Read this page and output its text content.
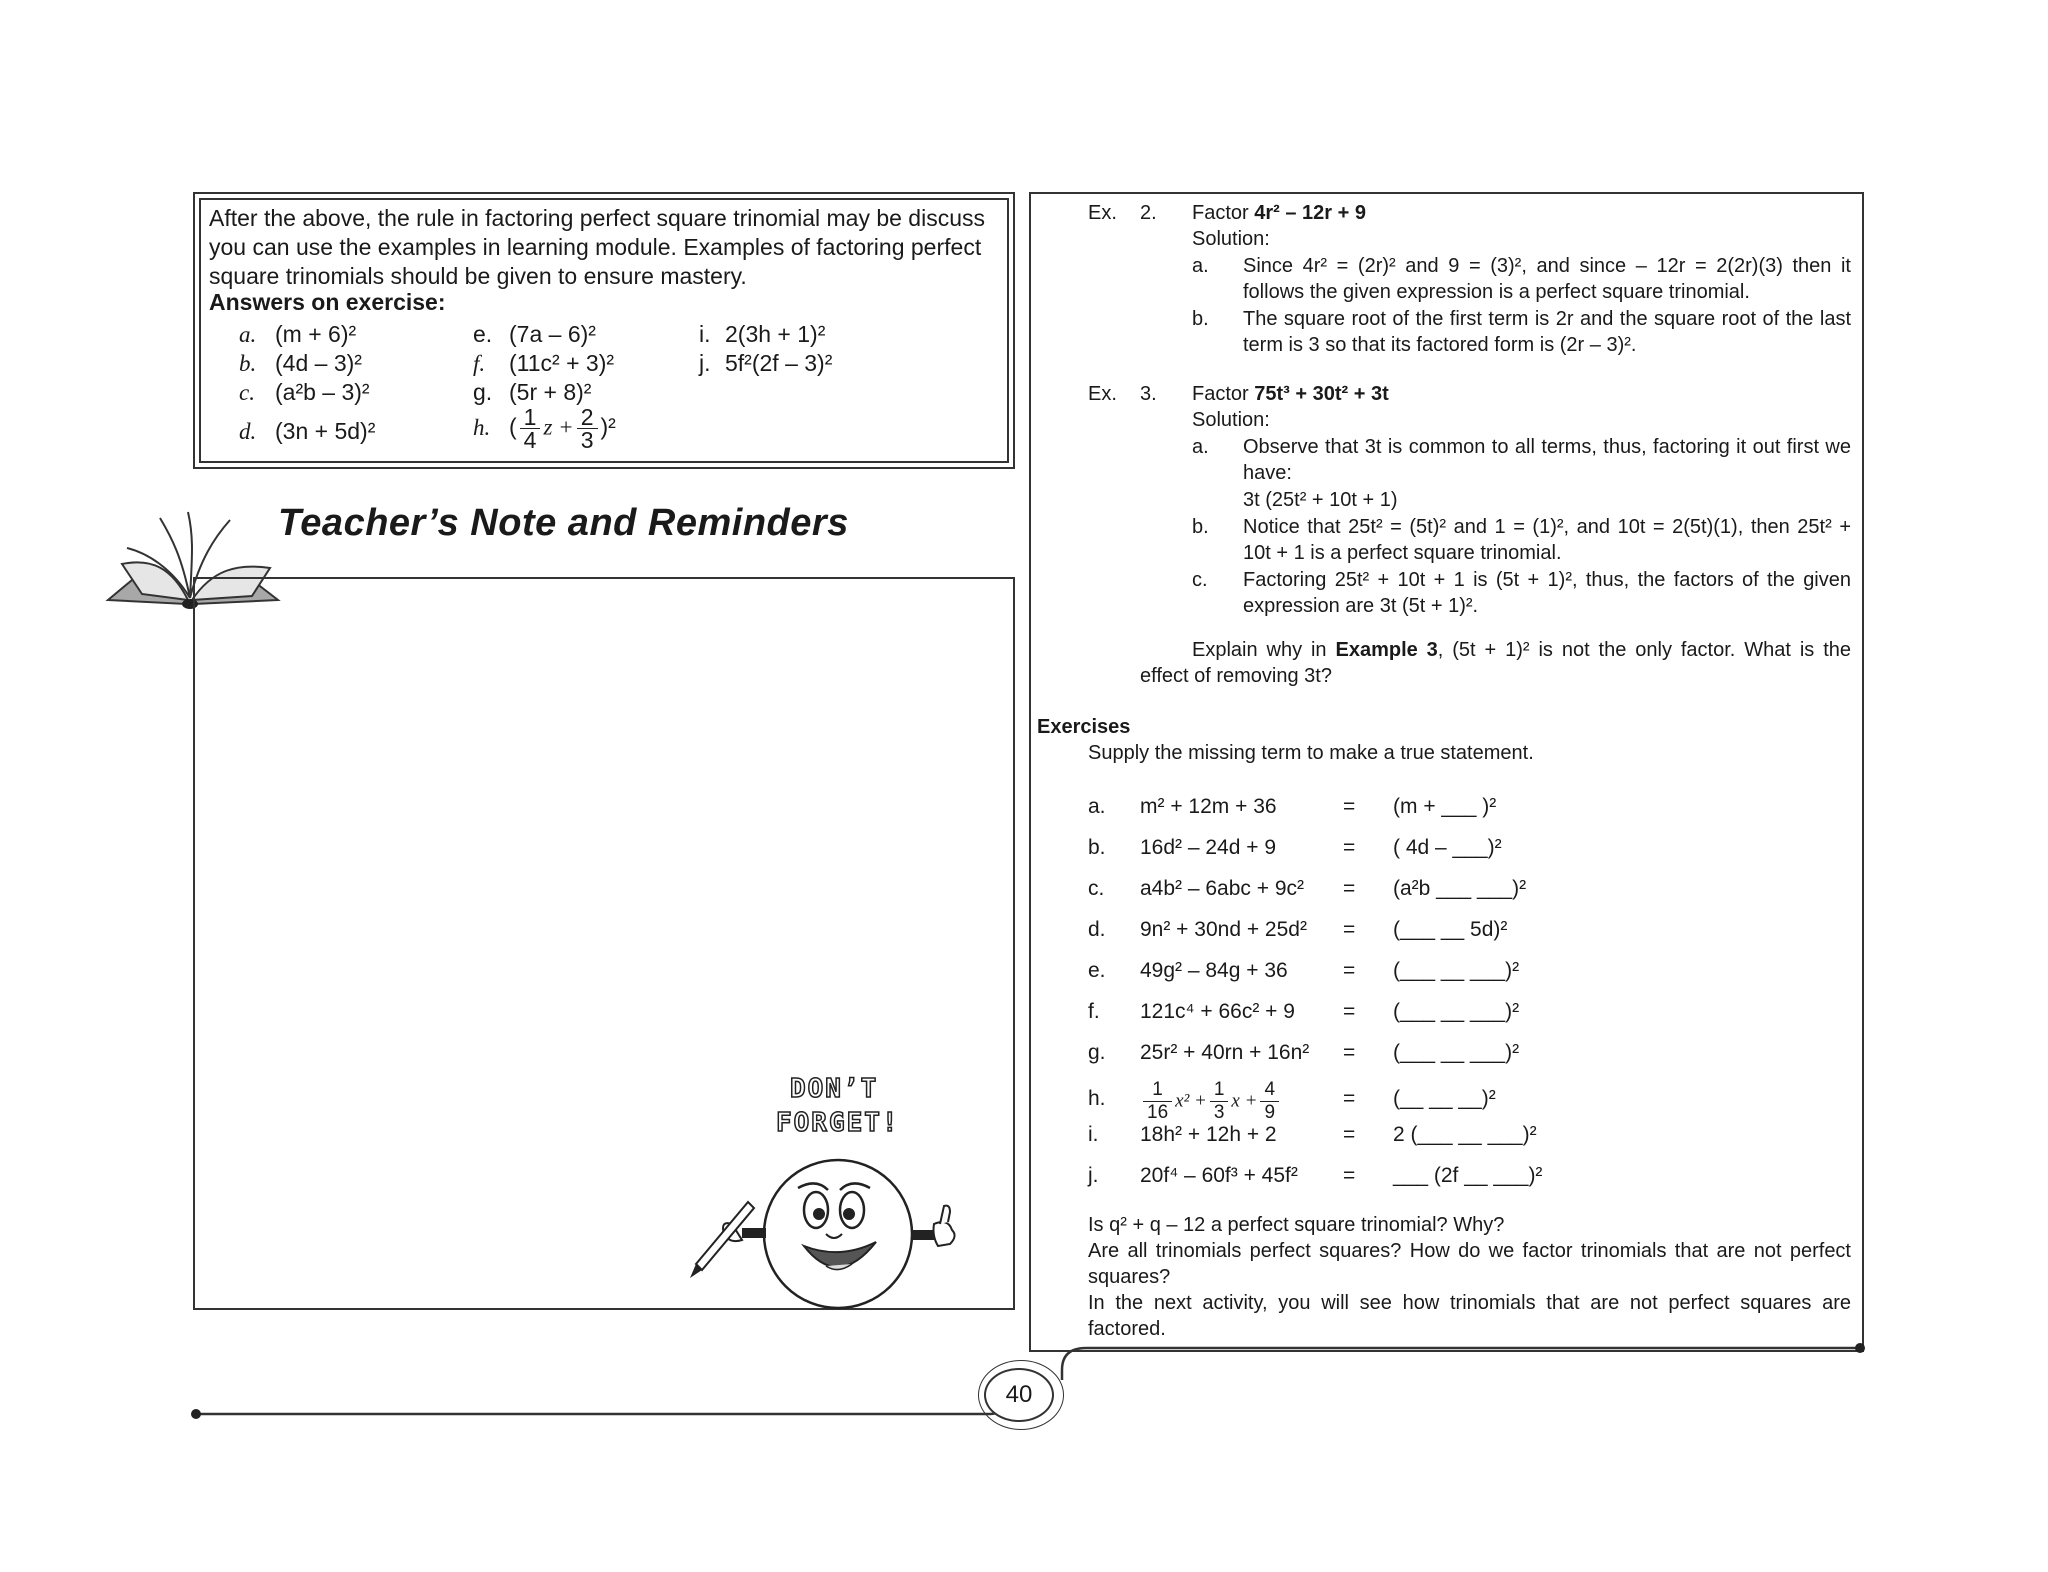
After the above, the rule in factoring perfect square trinomial may be discuss you can use the examples in learning module. Examples of factoring perfect square trinomials should be given to ensure mastery.
Answers on exercise:
a. (m + 6)²
b. (4d – 3)²
c. (a²b – 3)²
d. (3n + 5d)²
e. (7a – 6)²
f. (11c² + 3)²
g. (5r + 8)²
h. ( $\frac{1}{4}$ $z + \frac{2}{3} )^2$
i. 2(3h + 1)²
j. 5f²(2f – 3)²
Teacher’s Note and Reminders
DON’T
FORGET!
Ex. 2. Factor 4r² – 12r + 9
Solution:
a. Since 4r² = (2r)² and 9 = (3)², and since – 12r = 2(2r)(3) then it follows the given expression is a perfect square trinomial.
b. The square root of the first term is 2r and the square root of the last term is 3 so that its factored form is (2r – 3)².
Ex. 3. Factor 75t³ + 30t² + 3t
Solution:
a. Observe that 3t is common to all terms, thus, factoring it out first we have:
3t (25t² + 10t + 1)
b. Notice that 25t² = (5t)² and 1 = (1)², and 10t = 2(5t)(1), then 25t² + 10t + 1 is a perfect square trinomial.
c. Factoring 25t² + 10t + 1 is (5t + 1)², thus, the factors of the given expression are 3t (5t + 1)².
Explain why in Example 3, (5t + 1)² is not the only factor. What is the effect of removing 3t?
Exercises
Supply the missing term to make a true statement.
a. m² + 12m + 36	= (m + ___ )²
b. 16d² – 24d + 9	= ( 4d – ___)²
c. a4b² – 6abc + 9c² = (a²b ___ ___)²
d. 9n² + 30nd + 25d² = (___ __ 5d)²
e. 49g² – 84g + 36	= (___ __ ___)²
f. 121c⁴ + 66c² + 9 = (___ __ ___)²
g. 25r² + 40rn + 16n² = (___ __ ___)²
h. $\frac{1}{16} x^2 + \frac{1}{3}$ $x + \frac{4}{9}$	= (__ __ __)²
i. 18h² + 12h + 2	= 2 (___ __ ___)²
j. 20f⁴ – 60f³ + 45f² = ___ (2f __ ___)²
Is q² + q – 12 a perfect square trinomial? Why?
Are all trinomials perfect squares? How do we factor trinomials that are not perfect squares?
In the next activity, you will see how trinomials that are not perfect squares are factored.
40
